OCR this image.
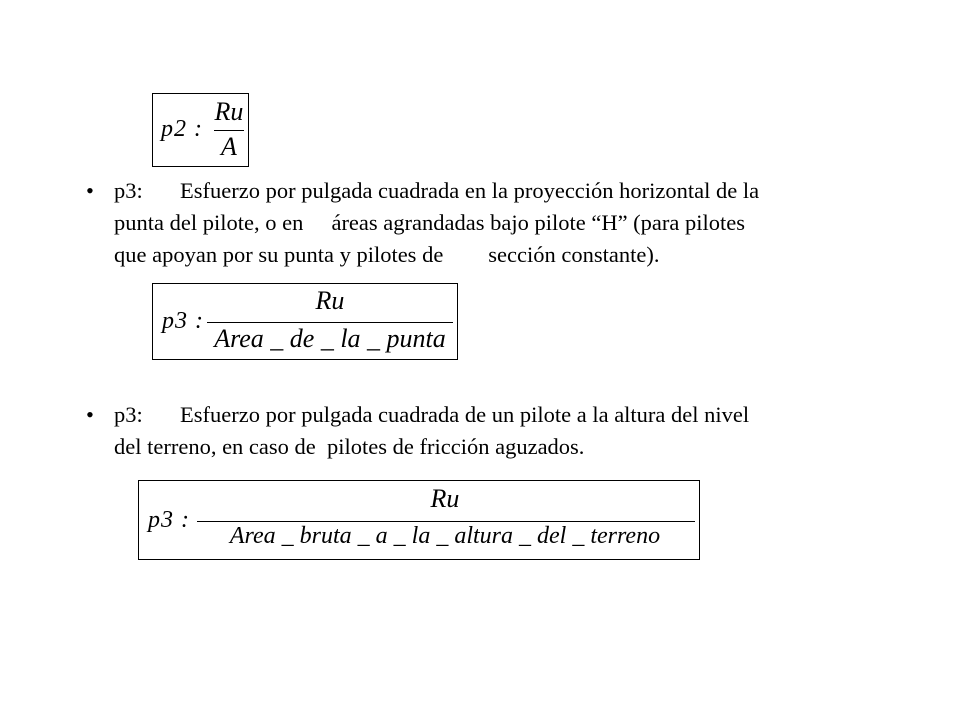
p2 :
Ru
A
• p3: Esfuerzo por pulgada cuadrada en la proyección horizontal de la
punta del pilote, o en     áreas agrandadas bajo pilote “H” (para pilotes
que apoyan por su punta y pilotes de        sección constante).
p3 :
Ru
Area _ de _ la _ punta
• p3: Esfuerzo por pulgada cuadrada de un pilote a la altura del nivel
del terreno, en caso de  pilotes de fricción aguzados.
p3 :
Ru
Area _ bruta _ a _ la _ altura _ del _ terreno
